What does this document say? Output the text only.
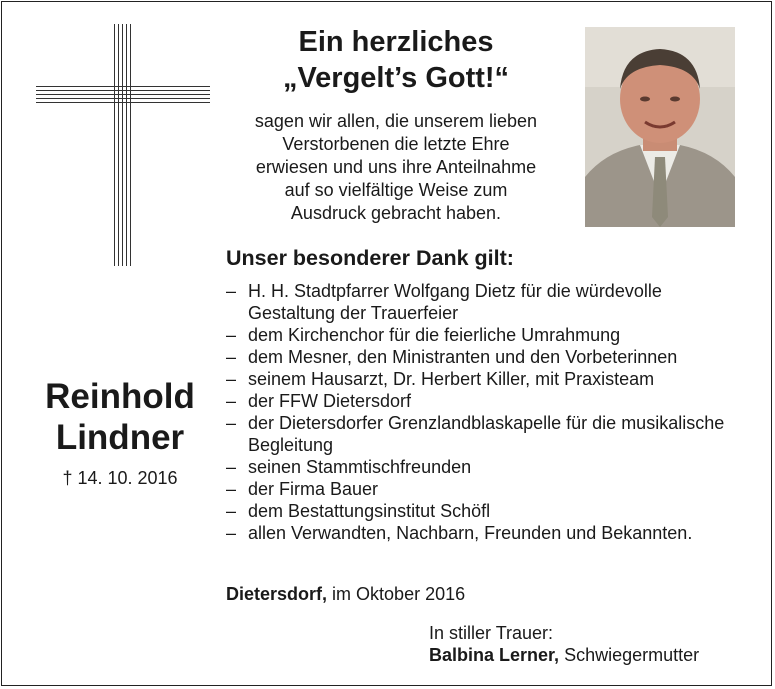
Ein herzliches
„Vergelt’s Gott!“
sagen wir allen, die unserem lieben
Verstorbenen die letzte Ehre
erwiesen und uns ihre Anteilnahme
auf so vielfältige Weise zum
Ausdruck gebracht haben.
Unser besonderer Dank gilt:
– H. H. Stadtpfarrer Wolfgang Dietz für die würdevolle Gestaltung der Trauerfeier
– dem Kirchenchor für die feierliche Umrahmung
– dem Mesner, den Ministranten und den Vorbeterinnen
– seinem Hausarzt, Dr. Herbert Killer, mit Praxisteam
– der FFW Dietersdorf
– der Dietersdorfer Grenzlandblaskapelle für die musikalische Begleitung
– seinen Stammtischfreunden
– der Firma Bauer
– dem Bestattungsinstitut Schöfl
– allen Verwandten, Nachbarn, Freunden und Bekannten.
Reinhold
Lindner
† 14. 10. 2016
Dietersdorf, im Oktober 2016
In stiller Trauer:
Balbina Lerner, Schwiegermutter
